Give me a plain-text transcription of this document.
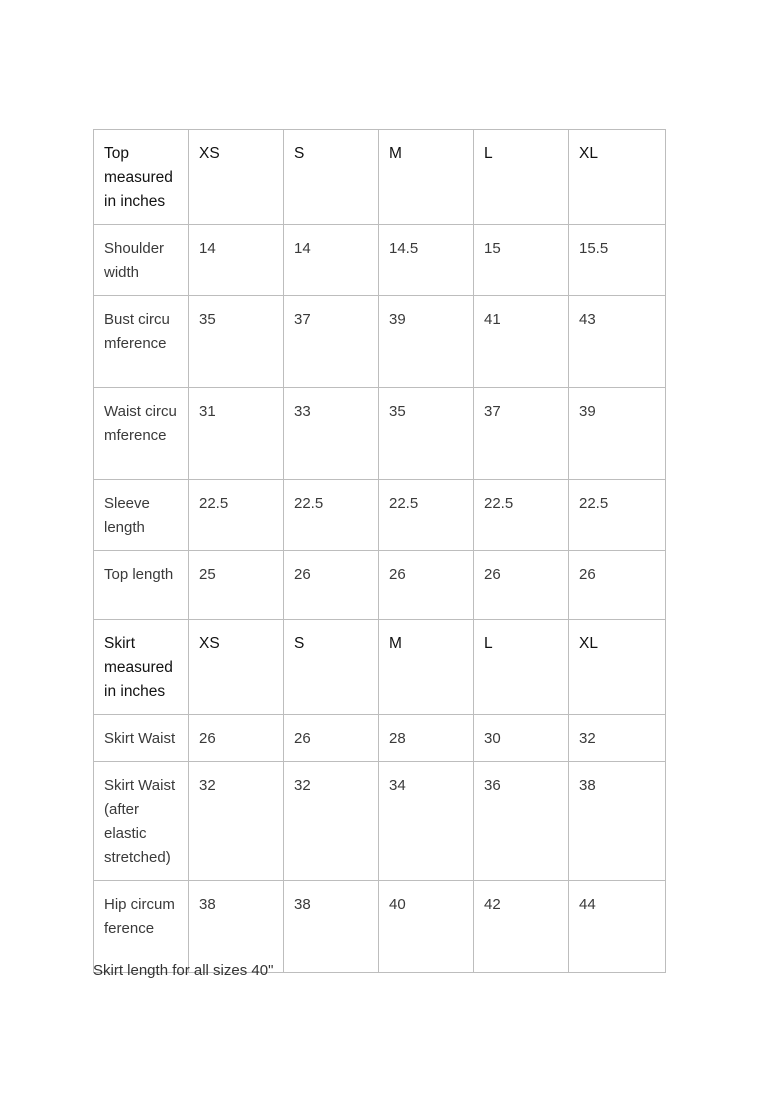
Top measured in inches	XS	S	M	L	XL
Shoulder width	14	14	14.5	15	15.5
Bust circumference	35	37	39	41	43
Waist circumference	31	33	35	37	39
Sleeve length	22.5	22.5	22.5	22.5	22.5
Top length	25	26	26	26	26
Skirt measured in inches	XS	S	M	L	XL
Skirt Waist	26	26	28	30	32
Skirt Waist (after elastic stretched)	32	32	34	36	38
Hip circumference	38	38	40	42	44
Skirt length for all sizes 40"
